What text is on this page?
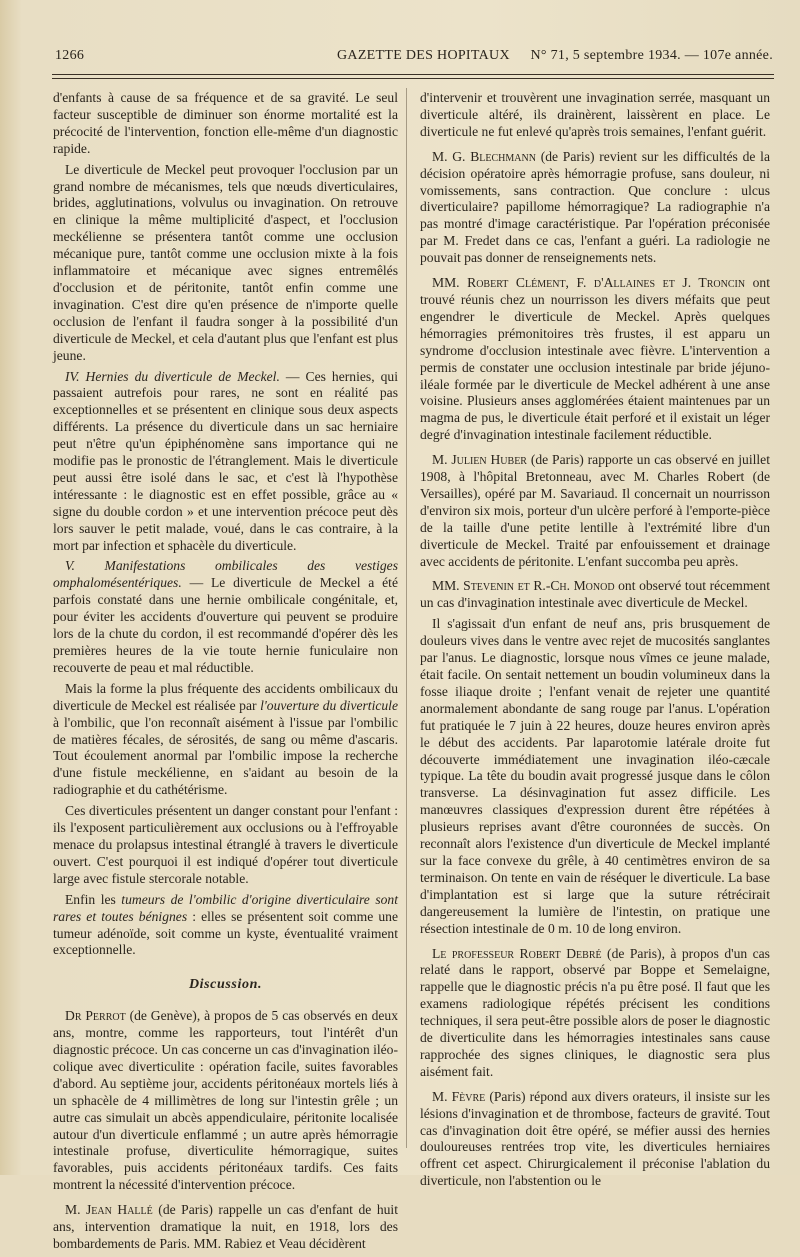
1266	GAZETTE DES HOPITAUX	N° 71, 5 septembre 1934. — 107e année.

d'enfants à cause de sa fréquence et de sa gravité. Le seul facteur susceptible de diminuer son énorme mortalité est la précocité de l'intervention, fonction elle-même d'un diagnostic rapide.

Le diverticule de Meckel peut provoquer l'occlusion par un grand nombre de mécanismes, tels que nœuds diverticulaires, brides, agglutinations, volvulus ou invagination. On retrouve en clinique la même multiplicité d'aspect, et l'occlusion meckélienne se présentera tantôt comme une occlusion mécanique pure, tantôt comme une occlusion mixte à la fois inflammatoire et mécanique avec signes entremêlés d'occlusion et de péritonite, tantôt enfin comme une invagination. C'est dire qu'en présence de n'importe quelle occlusion de l'enfant il faudra songer à la possibilité d'un diverticule de Meckel, et cela d'autant plus que l'enfant est plus jeune.

IV. Hernies du diverticule de Meckel. — Ces hernies, qui passaient autrefois pour rares, ne sont en réalité pas exceptionnelles et se présentent en clinique sous deux aspects différents. La présence du diverticule dans un sac herniaire peut n'être qu'un épiphénomène sans importance qui ne modifie pas le pronostic de l'étranglement. Mais le diverticule peut aussi être isolé dans le sac, et c'est là l'hypothèse intéressante : le diagnostic est en effet possible, grâce au « signe du double cordon » et une intervention précoce peut dès lors sauver le petit malade, voué, dans le cas contraire, à la mort par infection et sphacèle du diverticule.

V. Manifestations ombilicales des vestiges omphalomésentériques. — Le diverticule de Meckel a été parfois constaté dans une hernie ombilicale congénitale, et, pour éviter les accidents d'ouverture qui peuvent se produire lors de la chute du cordon, il est recommandé d'opérer dès les premières heures de la vie toute hernie funiculaire non recouverte de peau et mal réductible.

Mais la forme la plus fréquente des accidents ombilicaux du diverticule de Meckel est réalisée par l'ouverture du diverticule à l'ombilic, que l'on reconnaît aisément à l'issue par l'ombilic de matières fécales, de sérosités, de sang ou même d'ascaris. Tout écoulement anormal par l'ombilic impose la recherche d'une fistule meckélienne, en s'aidant au besoin de la radiographie et du cathétérisme.

Ces diverticules présentent un danger constant pour l'enfant : ils l'exposent particulièrement aux occlusions ou à l'effroyable menace du prolapsus intestinal étranglé à travers le diverticule ouvert. C'est pourquoi il est indiqué d'opérer tout diverticule large avec fistule stercorale notable.

Enfin les tumeurs de l'ombilic d'origine diverticulaire sont rares et toutes bénignes : elles se présentent soit comme une tumeur adénoïde, soit comme un kyste, éventualité vraiment exceptionnelle.

Discussion.

Dr Perrot (de Genève), à propos de 5 cas observés en deux ans, montre, comme les rapporteurs, tout l'intérêt d'un diagnostic précoce. Un cas concerne un cas d'invagination iléo-colique avec diverticulite : opération facile, suites favorables d'abord. Au septième jour, accidents péritonéaux mortels liés à un sphacèle de 4 millimètres de long sur l'intestin grêle ; un autre cas simulait un abcès appendiculaire, péritonite localisée autour d'un diverticule enflammé ; un autre après hémorragie intestinale profuse, diverticulite hémorragique, suites favorables, puis accidents péritonéaux tardifs. Ces faits montrent la nécessité d'intervention précoce.

M. Jean Hallé (de Paris) rappelle un cas d'enfant de huit ans, intervention dramatique la nuit, en 1918, lors des bombardements de Paris. MM. Rabiez et Veau décidèrent

d'intervenir et trouvèrent une invagination serrée, masquant un diverticule altéré, ils drainèrent, laissèrent en place. Le diverticule ne fut enlevé qu'après trois semaines, l'enfant guérit.

M. G. Blechmann (de Paris) revient sur les difficultés de la décision opératoire après hémorragie profuse, sans douleur, ni vomissements, sans contraction. Que conclure : ulcus diverticulaire? papillome hémorragique? La radiographie n'a pas montré d'image caractéristique. Par l'opération préconisée par M. Fredet dans ce cas, l'enfant a guéri. La radiologie ne pouvait pas donner de renseignements nets.

MM. Robert Clément, F. d'Allaines et J. Troncin ont trouvé réunis chez un nourrisson les divers méfaits que peut engendrer le diverticule de Meckel. Après quelques hémorragies prémonitoires très frustes, il est apparu un syndrome d'occlusion intestinale avec fièvre. L'intervention a permis de constater une occlusion intestinale par bride jéjuno-iléale formée par le diverticule de Meckel adhérent à une anse voisine. Plusieurs anses agglomérées étaient maintenues par un magma de pus, le diverticule était perforé et il existait un léger degré d'invagination intestinale facilement réductible.

M. Julien Huber (de Paris) rapporte un cas observé en juillet 1908, à l'hôpital Bretonneau, avec M. Charles Robert (de Versailles), opéré par M. Savariaud. Il concernait un nourrisson d'environ six mois, porteur d'un ulcère perforé à l'emporte-pièce de la taille d'une petite lentille à l'extrémité libre d'un diverticule de Meckel. Traité par enfouissement et drainage avec accidents de péritonite. L'enfant succomba peu après.

MM. Stevenin et R.-Ch. Monod ont observé tout récemment un cas d'invagination intestinale avec diverticule de Meckel.

Il s'agissait d'un enfant de neuf ans, pris brusquement de douleurs vives dans le ventre avec rejet de mucosités sanglantes par l'anus. Le diagnostic, lorsque nous vîmes ce jeune malade, était facile. On sentait nettement un boudin volumineux dans la fosse iliaque droite ; l'enfant venait de rejeter une quantité anormalement abondante de sang rouge par l'anus. L'opération fut pratiquée le 7 juin à 22 heures, douze heures environ après le début des accidents. Par laparotomie latérale droite fut découverte immédiatement une invagination iléo-cæcale typique. La tête du boudin avait progressé jusque dans le côlon transverse. La désinvagination fut assez difficile. Les manœuvres classiques d'expression durent être répétées à plusieurs reprises avant d'être couronnées de succès. On reconnaît alors l'existence d'un diverticule de Meckel implanté sur la face convexe du grêle, à 40 centimètres environ de sa terminaison. On tente en vain de réséquer le diverticule. La base d'implantation est si large que la suture rétrécirait dangereusement la lumière de l'intestin, on pratique une résection intestinale de 0 m. 10 de long environ.

Le professeur Robert Debré (de Paris), à propos d'un cas relaté dans le rapport, observé par Boppe et Semelaigne, rappelle que le diagnostic précis n'a pu être posé. Il faut que les examens radiologique répétés précisent les conditions techniques, il sera peut-être possible alors de poser le diagnostic de diverticulite dans les hémorragies intestinales sans cause rapprochée des signes cliniques, le diagnostic sera plus aisément fait.

M. Fèvre (Paris) répond aux divers orateurs, il insiste sur les lésions d'invagination et de thrombose, facteurs de gravité. Tout cas d'invagination doit être opéré, se méfier aussi des hernies douloureuses rentrées trop vite, les diverticules herniaires offrent cet aspect. Chirurgicalement il préconise l'ablation du diverticule, non l'abstention ou le
